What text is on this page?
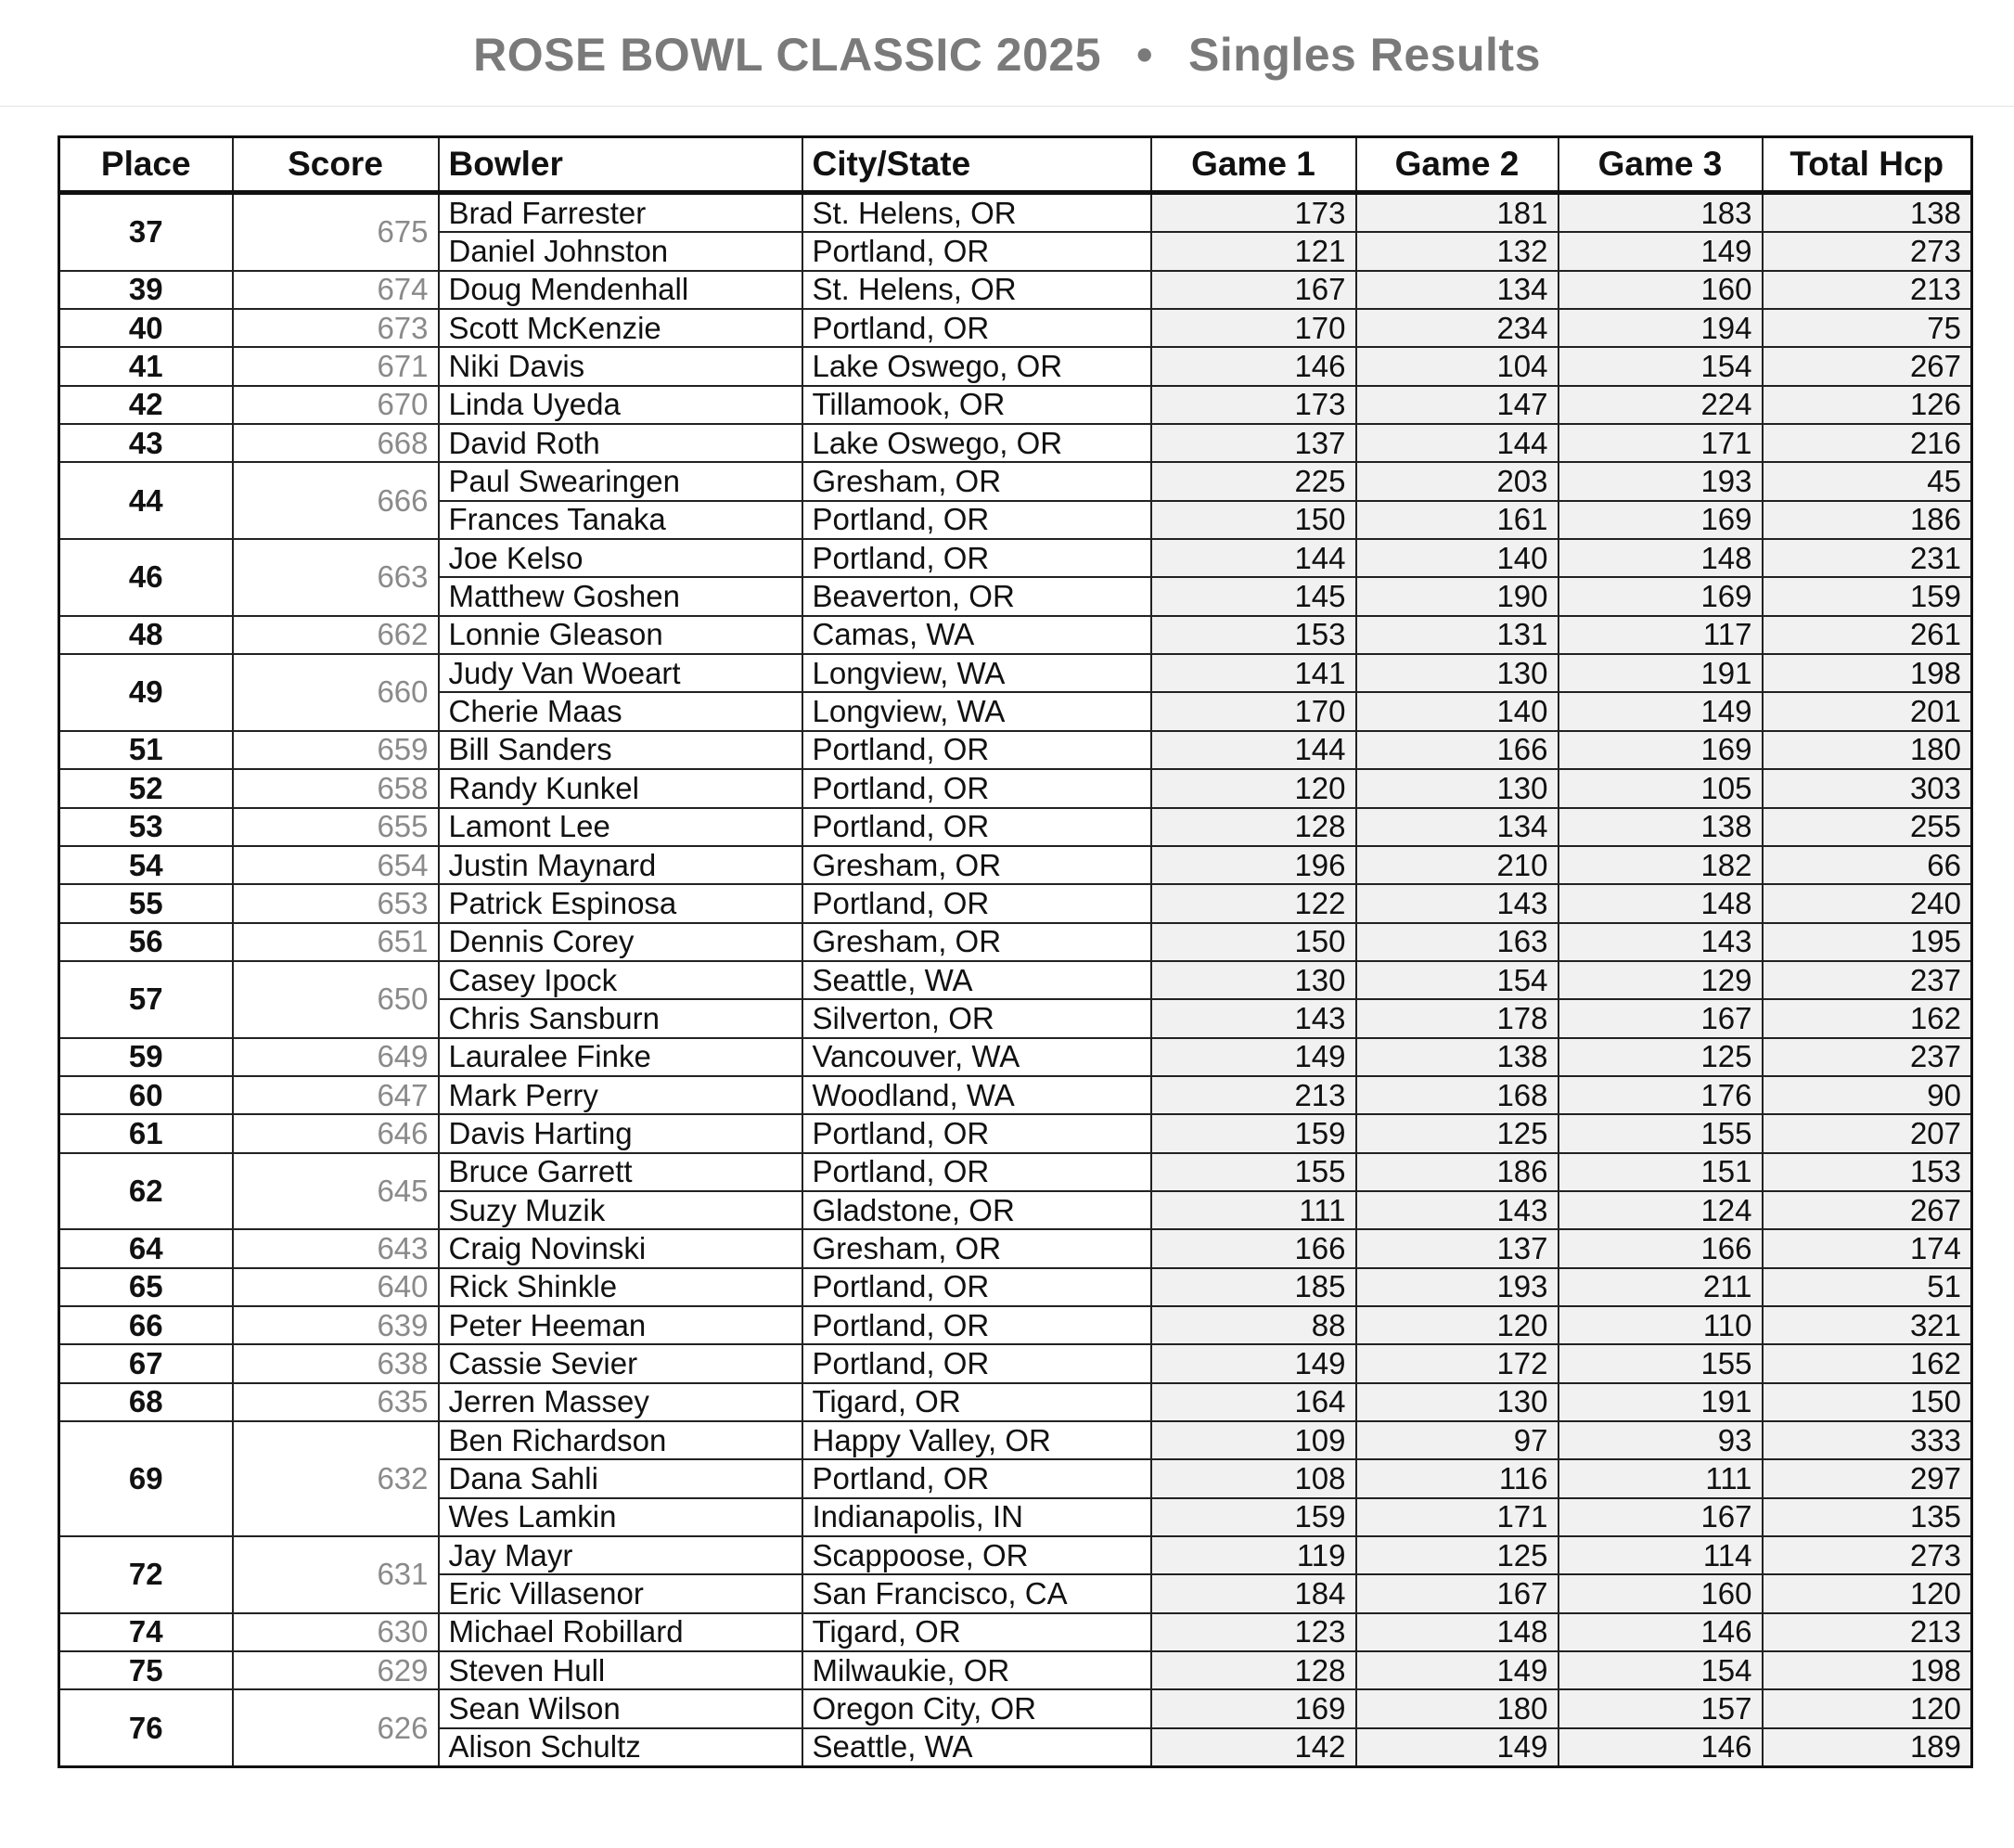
ROSE BOWL CLASSIC 2025 • Singles Results
Place	Score	Bowler	City/State	Game 1	Game 2	Game 3	Total Hcp
37	675	Brad Farrester	St. Helens, OR	173	181	183	138
		Daniel Johnston	Portland, OR	121	132	149	273
39	674	Doug Mendenhall	St. Helens, OR	167	134	160	213
40	673	Scott McKenzie	Portland, OR	170	234	194	75
41	671	Niki Davis	Lake Oswego, OR	146	104	154	267
42	670	Linda Uyeda	Tillamook, OR	173	147	224	126
43	668	David Roth	Lake Oswego, OR	137	144	171	216
44	666	Paul Swearingen	Gresham, OR	225	203	193	45
		Frances Tanaka	Portland, OR	150	161	169	186
46	663	Joe Kelso	Portland, OR	144	140	148	231
		Matthew Goshen	Beaverton, OR	145	190	169	159
48	662	Lonnie Gleason	Camas, WA	153	131	117	261
49	660	Judy Van Woeart	Longview, WA	141	130	191	198
		Cherie Maas	Longview, WA	170	140	149	201
51	659	Bill Sanders	Portland, OR	144	166	169	180
52	658	Randy Kunkel	Portland, OR	120	130	105	303
53	655	Lamont Lee	Portland, OR	128	134	138	255
54	654	Justin Maynard	Gresham, OR	196	210	182	66
55	653	Patrick Espinosa	Portland, OR	122	143	148	240
56	651	Dennis Corey	Gresham, OR	150	163	143	195
57	650	Casey Ipock	Seattle, WA	130	154	129	237
		Chris Sansburn	Silverton, OR	143	178	167	162
59	649	Lauralee Finke	Vancouver, WA	149	138	125	237
60	647	Mark Perry	Woodland, WA	213	168	176	90
61	646	Davis Harting	Portland, OR	159	125	155	207
62	645	Bruce Garrett	Portland, OR	155	186	151	153
		Suzy Muzik	Gladstone, OR	111	143	124	267
64	643	Craig Novinski	Gresham, OR	166	137	166	174
65	640	Rick Shinkle	Portland, OR	185	193	211	51
66	639	Peter Heeman	Portland, OR	88	120	110	321
67	638	Cassie Sevier	Portland, OR	149	172	155	162
68	635	Jerren Massey	Tigard, OR	164	130	191	150
69	632	Ben Richardson	Happy Valley, OR	109	97	93	333
		Dana Sahli	Portland, OR	108	116	111	297
		Wes Lamkin	Indianapolis, IN	159	171	167	135
72	631	Jay Mayr	Scappoose, OR	119	125	114	273
		Eric Villasenor	San Francisco, CA	184	167	160	120
74	630	Michael Robillard	Tigard, OR	123	148	146	213
75	629	Steven Hull	Milwaukie, OR	128	149	154	198
76	626	Sean Wilson	Oregon City, OR	169	180	157	120
		Alison Schultz	Seattle, WA	142	149	146	189
